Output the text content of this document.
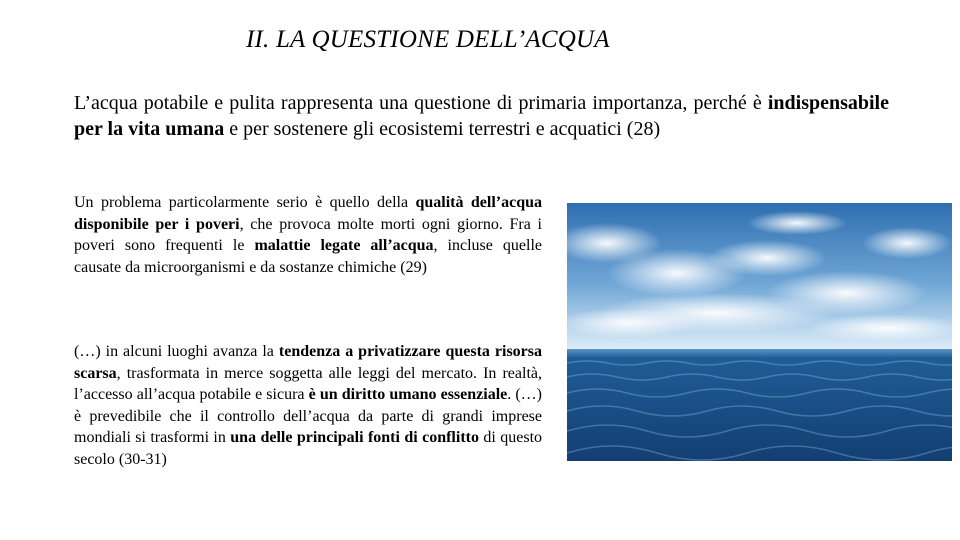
II. LA QUESTIONE DELL’ACQUA
L’acqua potabile e pulita rappresenta una questione di primaria importanza, perché è indispensabile per la vita umana e per sostenere gli ecosistemi terrestri e acquatici (28)
Un problema particolarmente serio è quello della qualità dell’acqua disponibile per i poveri, che provoca molte morti ogni giorno. Fra i poveri sono frequenti le malattie legate all’acqua, incluse quelle causate da microorganismi e da sostanze chimiche (29)
(…) in alcuni luoghi avanza la tendenza a privatizzare questa risorsa scarsa, trasformata in merce soggetta alle leggi del mercato. In realtà, l’accesso all’acqua potabile e sicura è un diritto umano essenziale. (…) è prevedibile che il controllo dell’acqua da parte di grandi imprese mondiali si trasformi in una delle principali fonti di conflitto di questo secolo (30-31)
